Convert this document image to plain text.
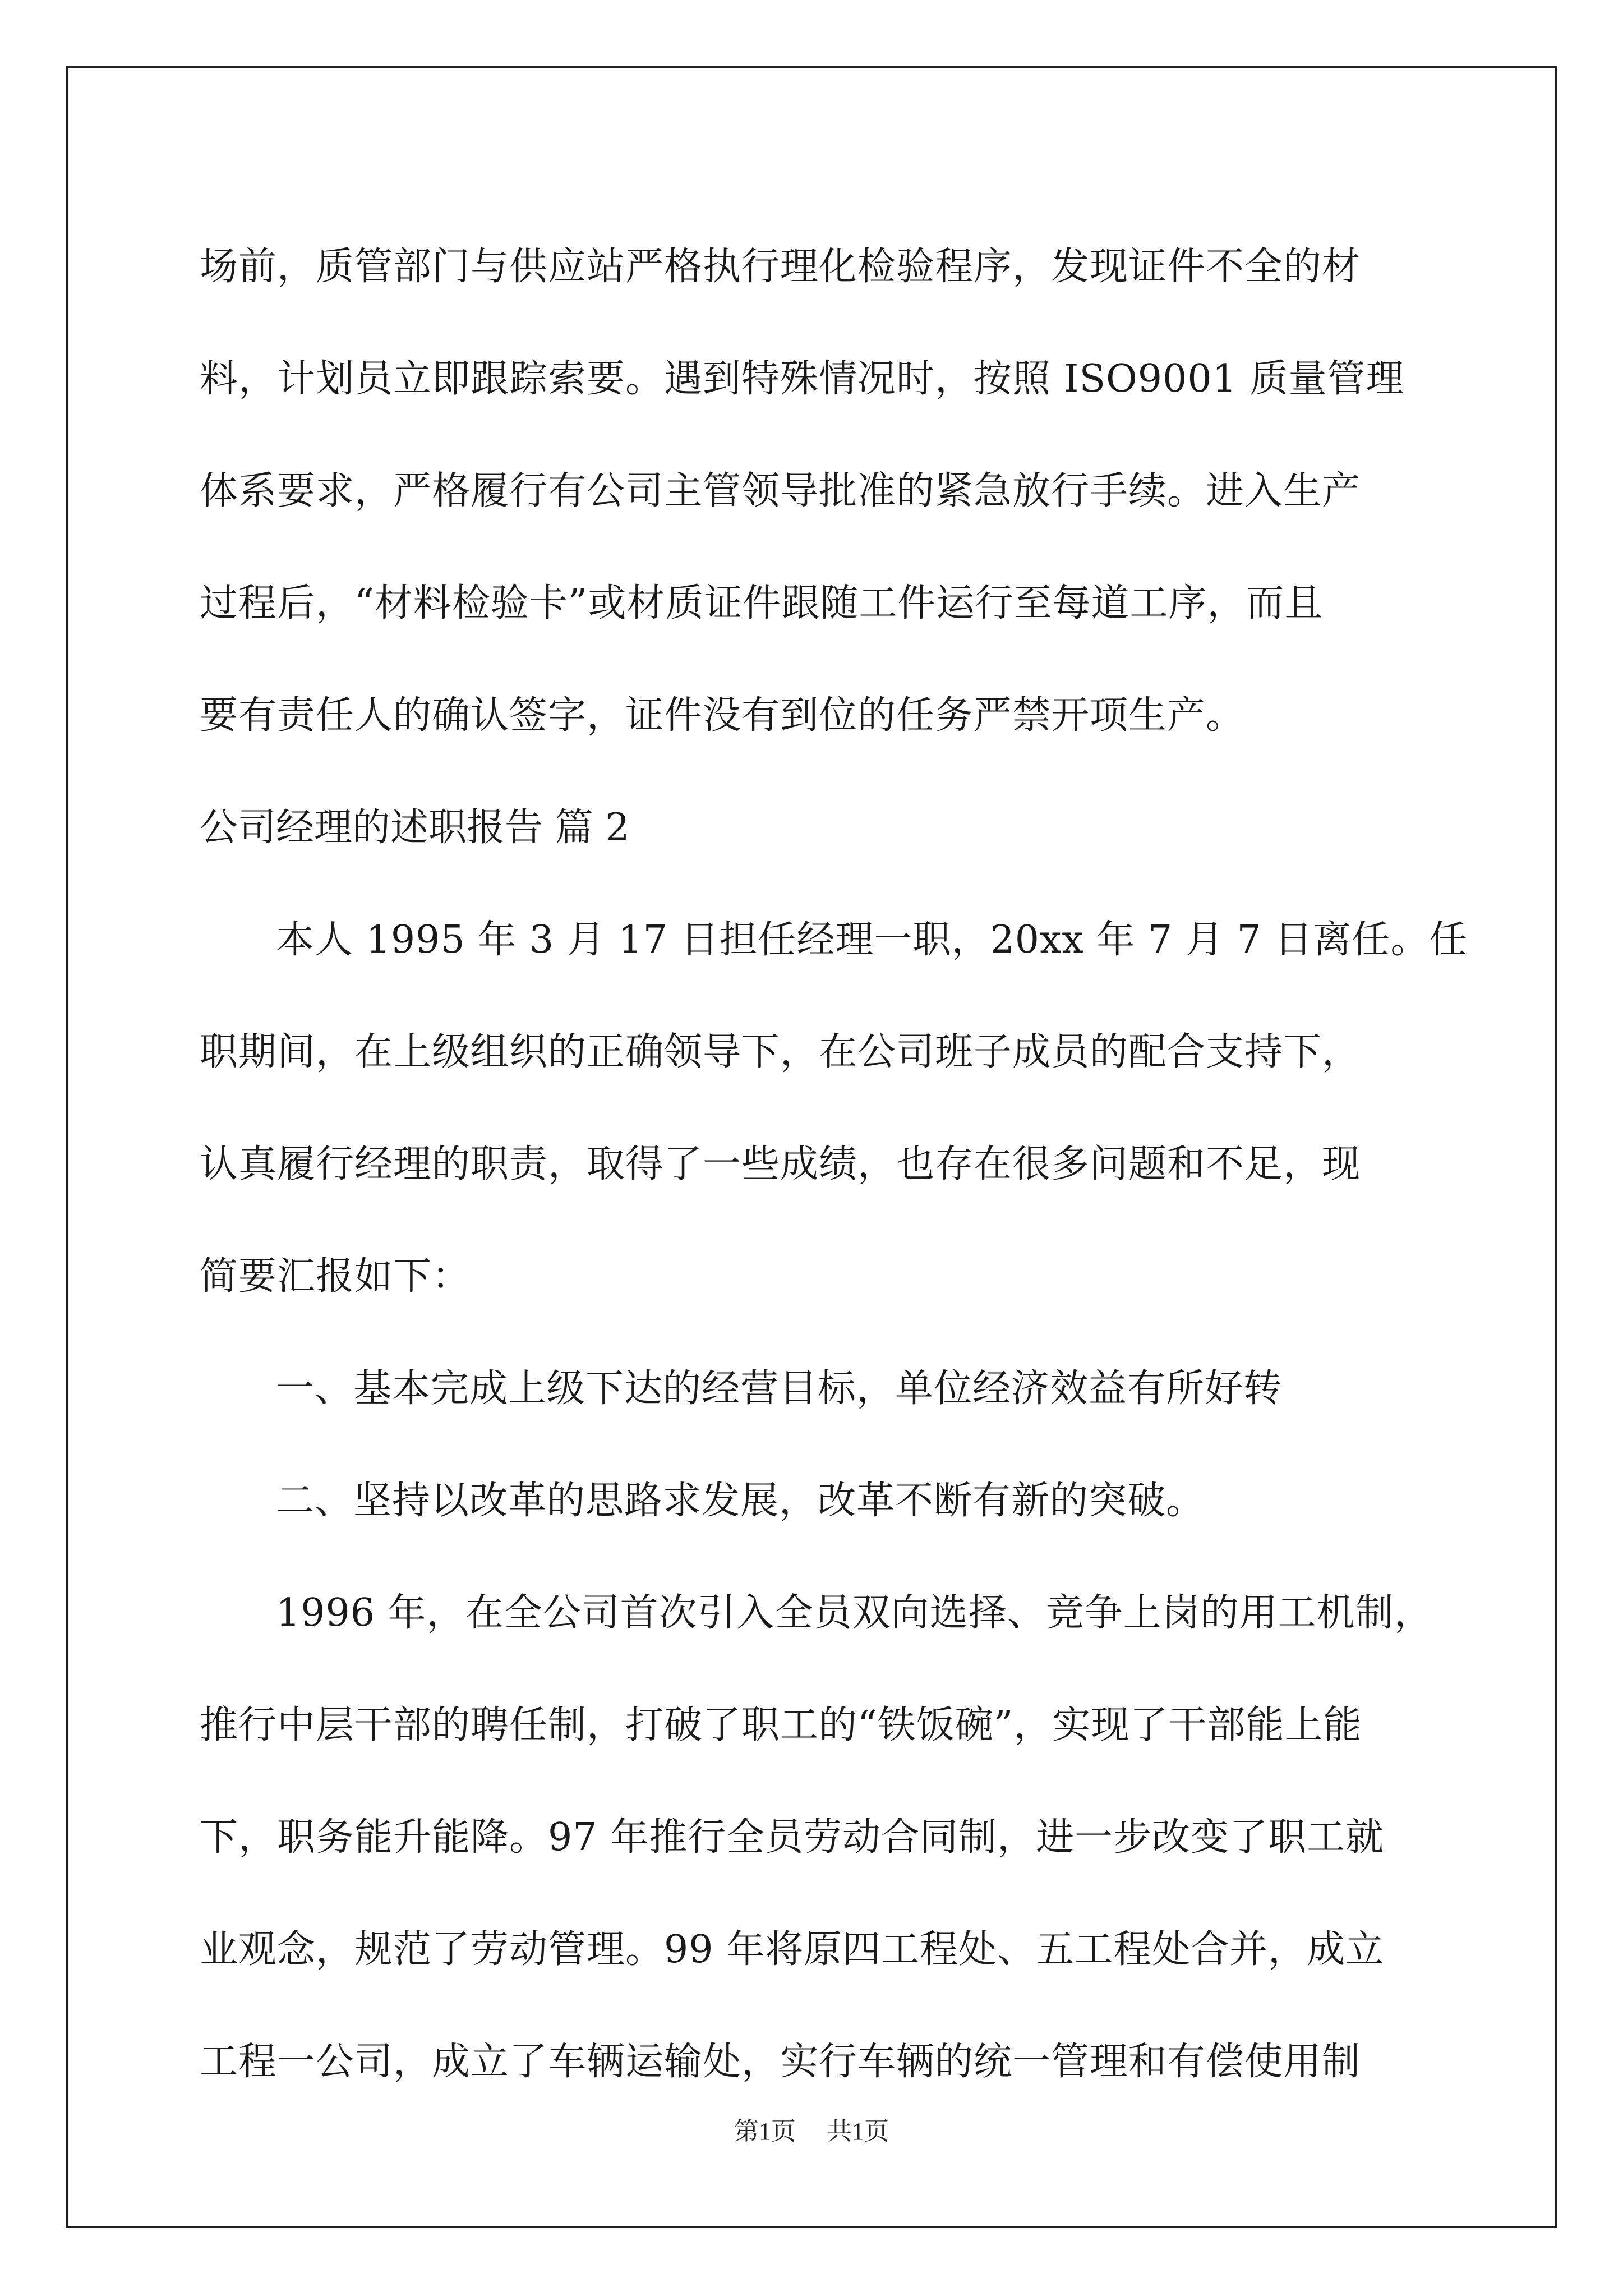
场前，质管部门与供应站严格执行理化检验程序，发现证件不全的材
料，计划员立即跟踪索要。遇到特殊情况时，按照 ISO9001 质量管理
体系要求，严格履行有公司主管领导批准的紧急放行手续。进入生产
过程后，“材料检验卡”或材质证件跟随工件运行至每道工序，而且
要有责任人的确认签字，证件没有到位的任务严禁开项生产。
公司经理的述职报告 篇 2
本人 1995 年 3 月 17 日担任经理一职，20xx 年 7 月 7 日离任。任
职期间，在上级组织的正确领导下，在公司班子成员的配合支持下，
认真履行经理的职责，取得了一些成绩，也存在很多问题和不足，现
简要汇报如下：
一、基本完成上级下达的经营目标，单位经济效益有所好转
二、坚持以改革的思路求发展，改革不断有新的突破。
1996 年，在全公司首次引入全员双向选择、竞争上岗的用工机制，
推行中层干部的聘任制，打破了职工的“铁饭碗”，实现了干部能上能
下，职务能升能降。97 年推行全员劳动合同制，进一步改变了职工就
业观念，规范了劳动管理。99 年将原四工程处、五工程处合并，成立
工程一公司，成立了车辆运输处，实行车辆的统一管理和有偿使用制
第1页 共1页
